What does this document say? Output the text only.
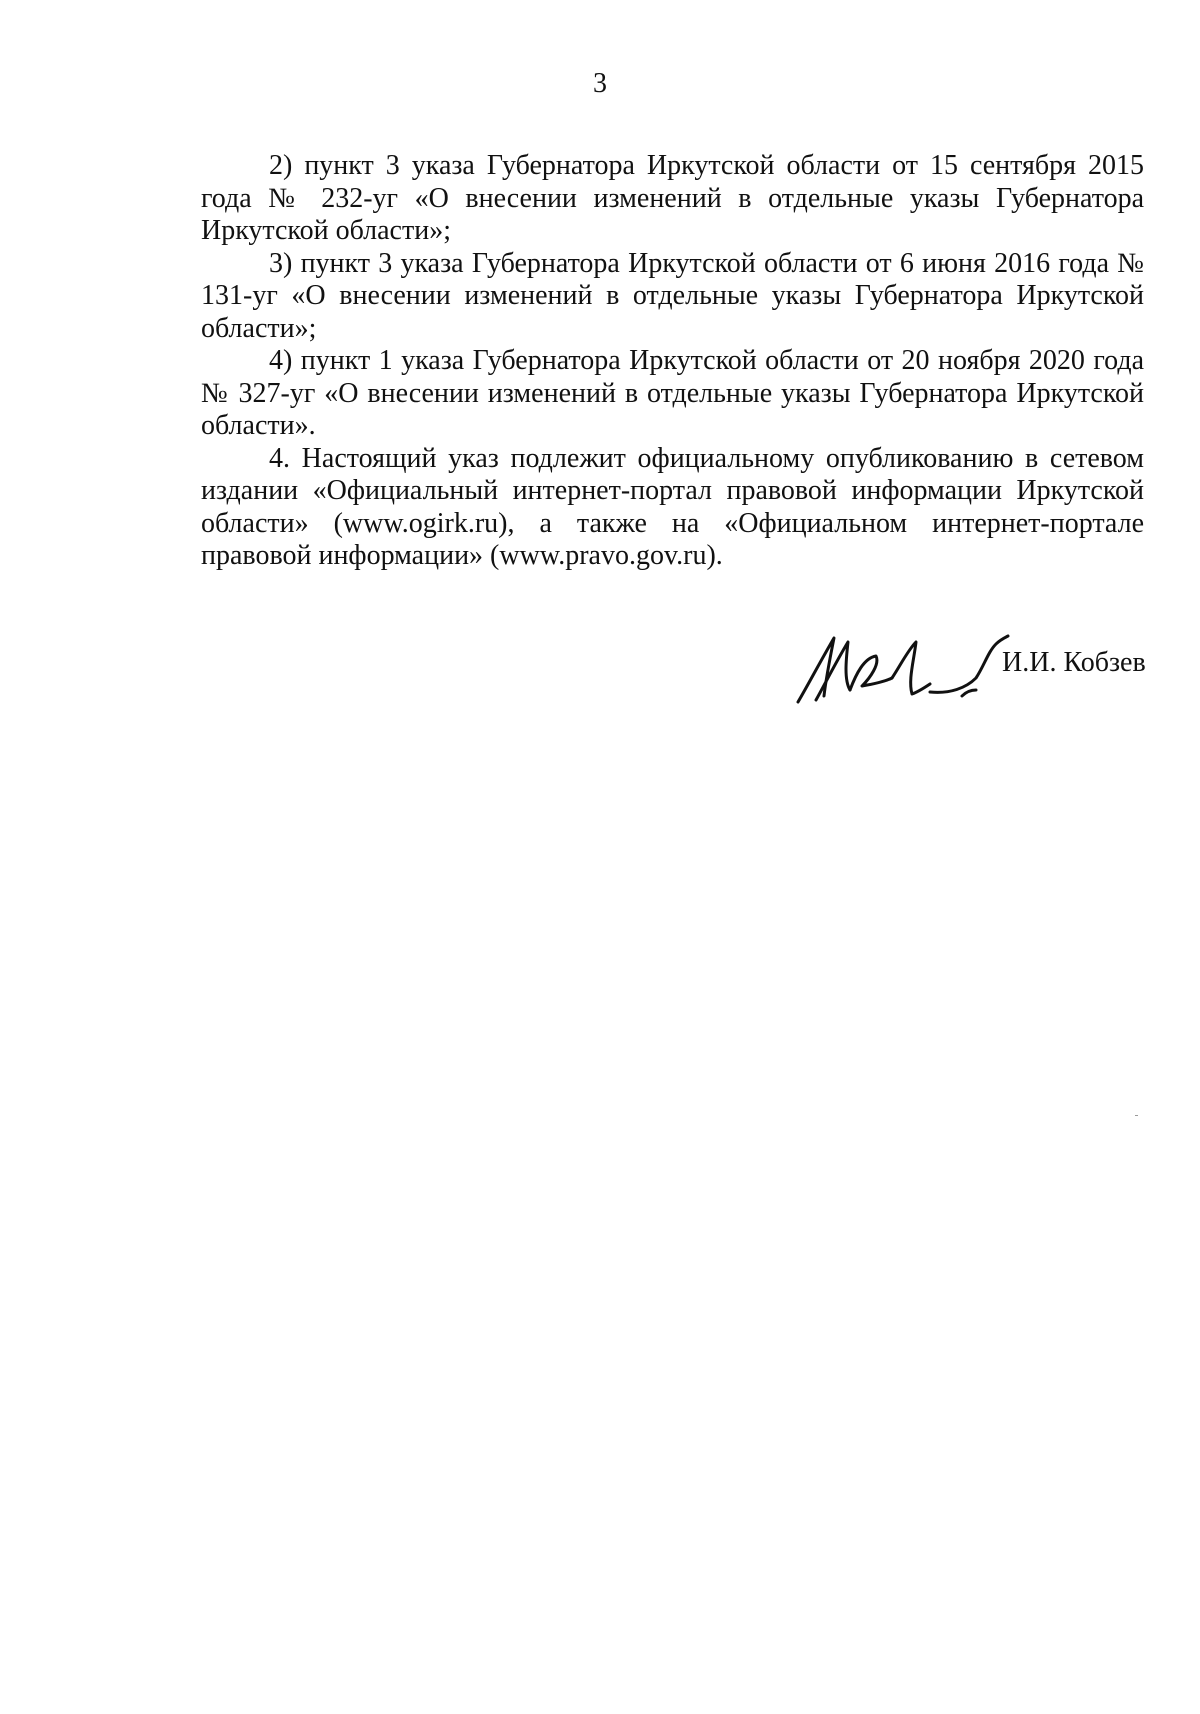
3

2) пункт 3 указа Губернатора Иркутской области от 15 сентября 2015 года № 232-уг «О внесении изменений в отдельные указы Губернатора Иркутской области»;

3) пункт 3 указа Губернатора Иркутской области от 6 июня 2016 года № 131-уг «О внесении изменений в отдельные указы Губернатора Иркутской области»;

4) пункт 1 указа Губернатора Иркутской области от 20 ноября 2020 года № 327-уг «О внесении изменений в отдельные указы Губернатора Иркутской области».

4. Настоящий указ подлежит официальному опубликованию в сетевом издании «Официальный интернет-портал правовой информации Иркутской области» (www.ogirk.ru), а также на «Официальном интернет-портале правовой информации» (www.pravo.gov.ru).

И.И. Кобзев
